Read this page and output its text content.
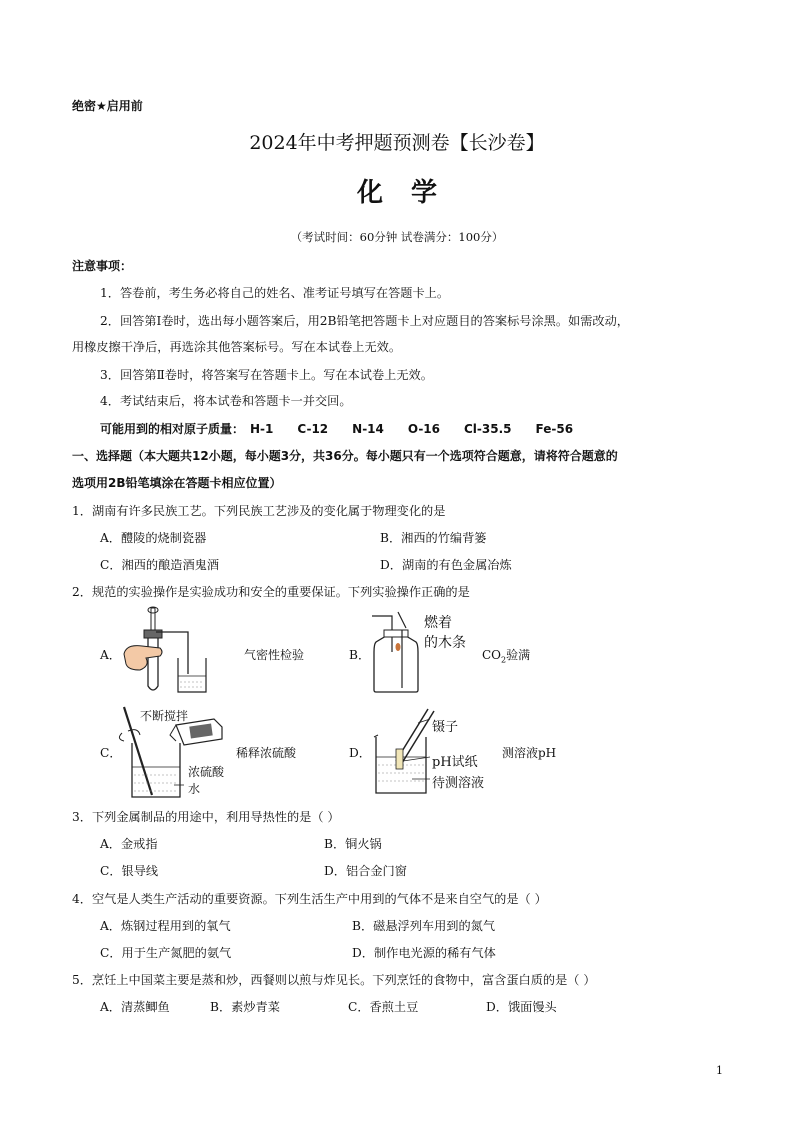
绝密★启用前
2024年中考押题预测卷【长沙卷】
化学
（考试时间：60分钟 试卷满分：100分）
注意事项：
1．答卷前，考生务必将自己的姓名、准考证号填写在答题卡上。
2．回答第Ⅰ卷时，选出每小题答案后，用2B铅笔把答题卡上对应题目的答案标号涂黑。如需改动，
用橡皮擦干净后，再选涂其他答案标号。写在本试卷上无效。
3．回答第Ⅱ卷时，将答案写在答题卡上。写在本试卷上无效。
4．考试结束后，将本试卷和答题卡一并交回。
可能用到的相对原子质量： H-1 C-12 N-14 O-16 Cl-35.5 Fe-56
一、选择题（本大题共12小题，每小题3分，共36分。每小题只有一个选项符合题意，请将符合题意的
选项用2B铅笔填涂在答题卡相应位置）
1．湖南有许多民族工艺。下列民族工艺涉及的变化属于物理变化的是
A．醴陵的烧制瓷器	B．湘西的竹编背篓
C．湘西的酿造酒鬼酒	D．湖南的有色金属冶炼
2．规范的实验操作是实验成功和安全的重要保证。下列实验操作正确的是
A．	气密性检验	B．
燃着
的木条
$CO_2$验满
C．
不断搅拌
浓硫酸
水
稀释浓硫酸	D．
镊子
pH试纸
待测溶液
测溶液pH
3．下列金属制品的用途中，利用导热性的是（ ）
A．金戒指	B．铜火锅
C．银导线	D．铝合金门窗
4．空气是人类生产活动的重要资源。下列生活生产中用到的气体不是来自空气的是（ ）
A．炼钢过程用到的氧气	B．磁悬浮列车用到的氮气
C．用于生产氮肥的氨气	D．制作电光源的稀有气体
5．烹饪上中国菜主要是蒸和炒，西餐则以煎与炸见长。下列烹饪的食物中，富含蛋白质的是（ ）
A．清蒸鲫鱼	B．素炒青菜	C．香煎土豆	D．饿面馒头
1
